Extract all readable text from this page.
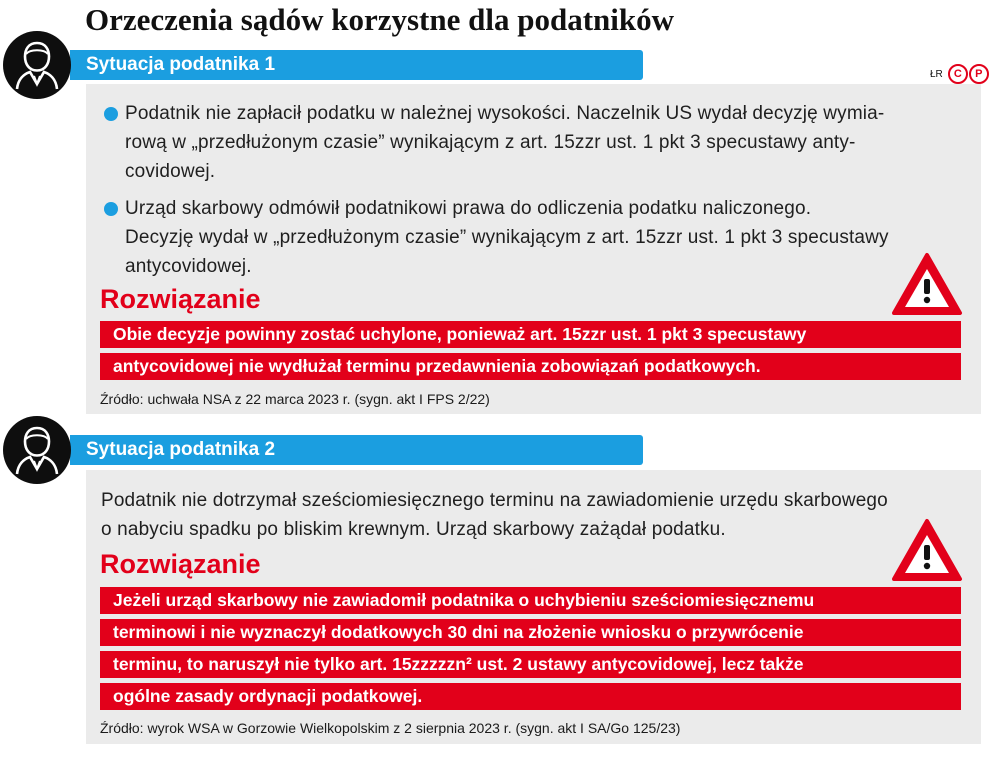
Orzeczenia sądów korzystne dla podatników
ŁR C P
Sytuacja podatnika 1
Podatnik nie zapłacił podatku w należnej wysokości. Naczelnik US wydał decyzję wymia-
rową w „przedłużonym czasie” wynikającym z art. 15zzr ust. 1 pkt 3 specustawy anty-
covidowej.
Urząd skarbowy odmówił podatnikowi prawa do odliczenia podatku naliczonego.
Decyzję wydał w „przedłużonym czasie” wynikającym z art. 15zzr ust. 1 pkt 3 specustawy
antycovidowej.
Rozwiązanie
Obie decyzje powinny zostać uchylone, ponieważ art. 15zzr ust. 1 pkt 3 specustawy
antycovidowej nie wydłużał terminu przedawnienia zobowiązań podatkowych.
Źródło: uchwała NSA z 22 marca 2023 r. (sygn. akt I FPS 2/22)
Sytuacja podatnika 2
Podatnik nie dotrzymał sześciomiesięcznego terminu na zawiadomienie urzędu skarbowego
o nabyciu spadku po bliskim krewnym. Urząd skarbowy zażądał podatku.
Rozwiązanie
Jeżeli urząd skarbowy nie zawiadomił podatnika o uchybieniu sześciomiesięcznemu
terminowi i nie wyznaczył dodatkowych 30 dni na złożenie wniosku o przywrócenie
terminu, to naruszył nie tylko art. 15zzzzzn² ust. 2 ustawy antycovidowej, lecz także
ogólne zasady ordynacji podatkowej.
Źródło: wyrok WSA w Gorzowie Wielkopolskim z 2 sierpnia 2023 r. (sygn. akt I SA/Go 125/23)
